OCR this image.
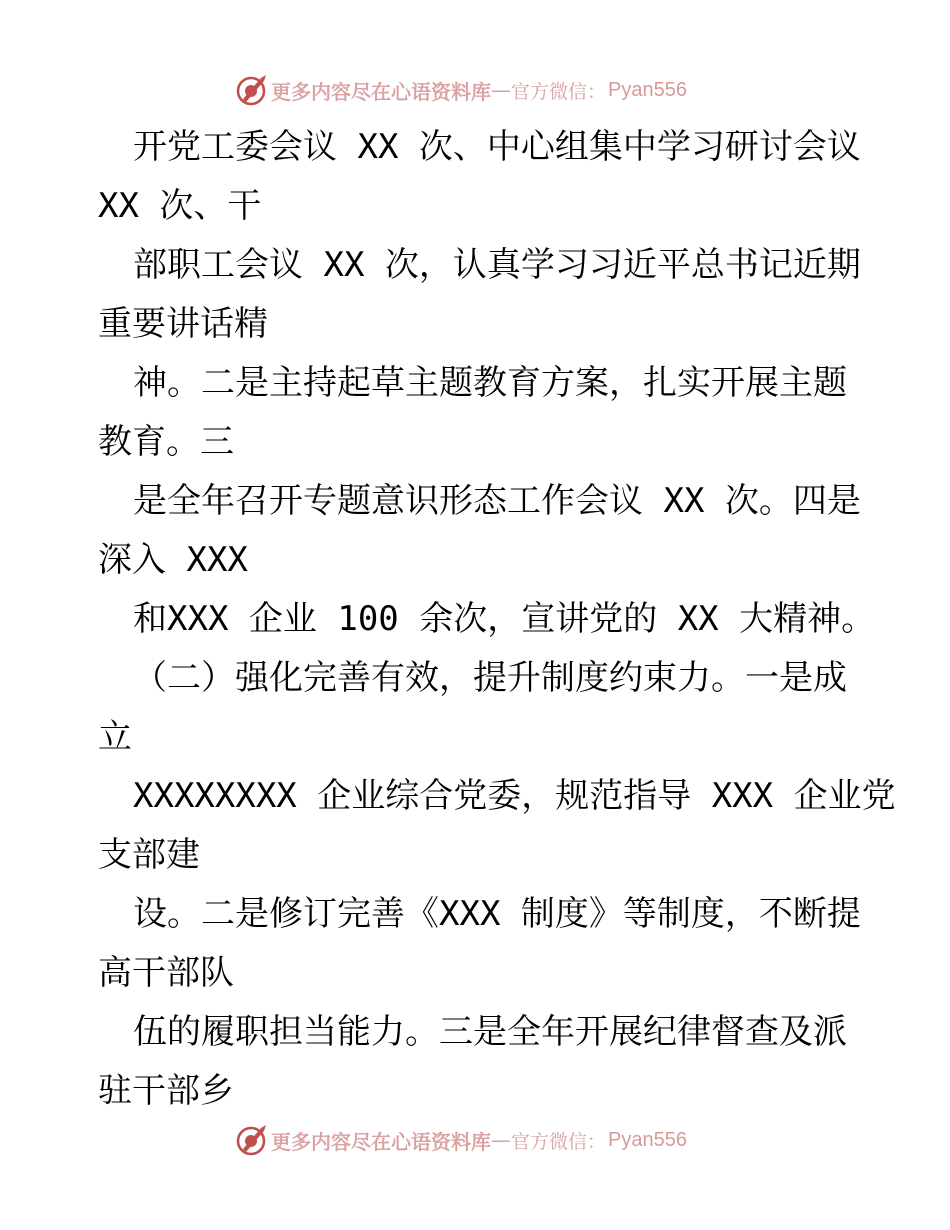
更多内容尽在心语资料库 — 官方微信： Pyan556
开党工委会议 XX 次、中心组集中学习研讨会议
XX 次、干
部职工会议 XX 次，认真学习习近平总书记近期
重要讲话精
神。二是主持起草主题教育方案，扎实开展主题
教育。三
是全年召开专题意识形态工作会议 XX 次。四是
深入 XXX
和XXX 企业 100 余次，宣讲党的 XX 大精神。
（二）强化完善有效，提升制度约束力。一是成
立
XXXXXXXX 企业综合党委，规范指导 XXX 企业党
支部建
设。二是修订完善《XXX 制度》等制度，不断提
高干部队
伍的履职担当能力。三是全年开展纪律督查及派
驻干部乡
更多内容尽在心语资料库 — 官方微信： Pyan556
